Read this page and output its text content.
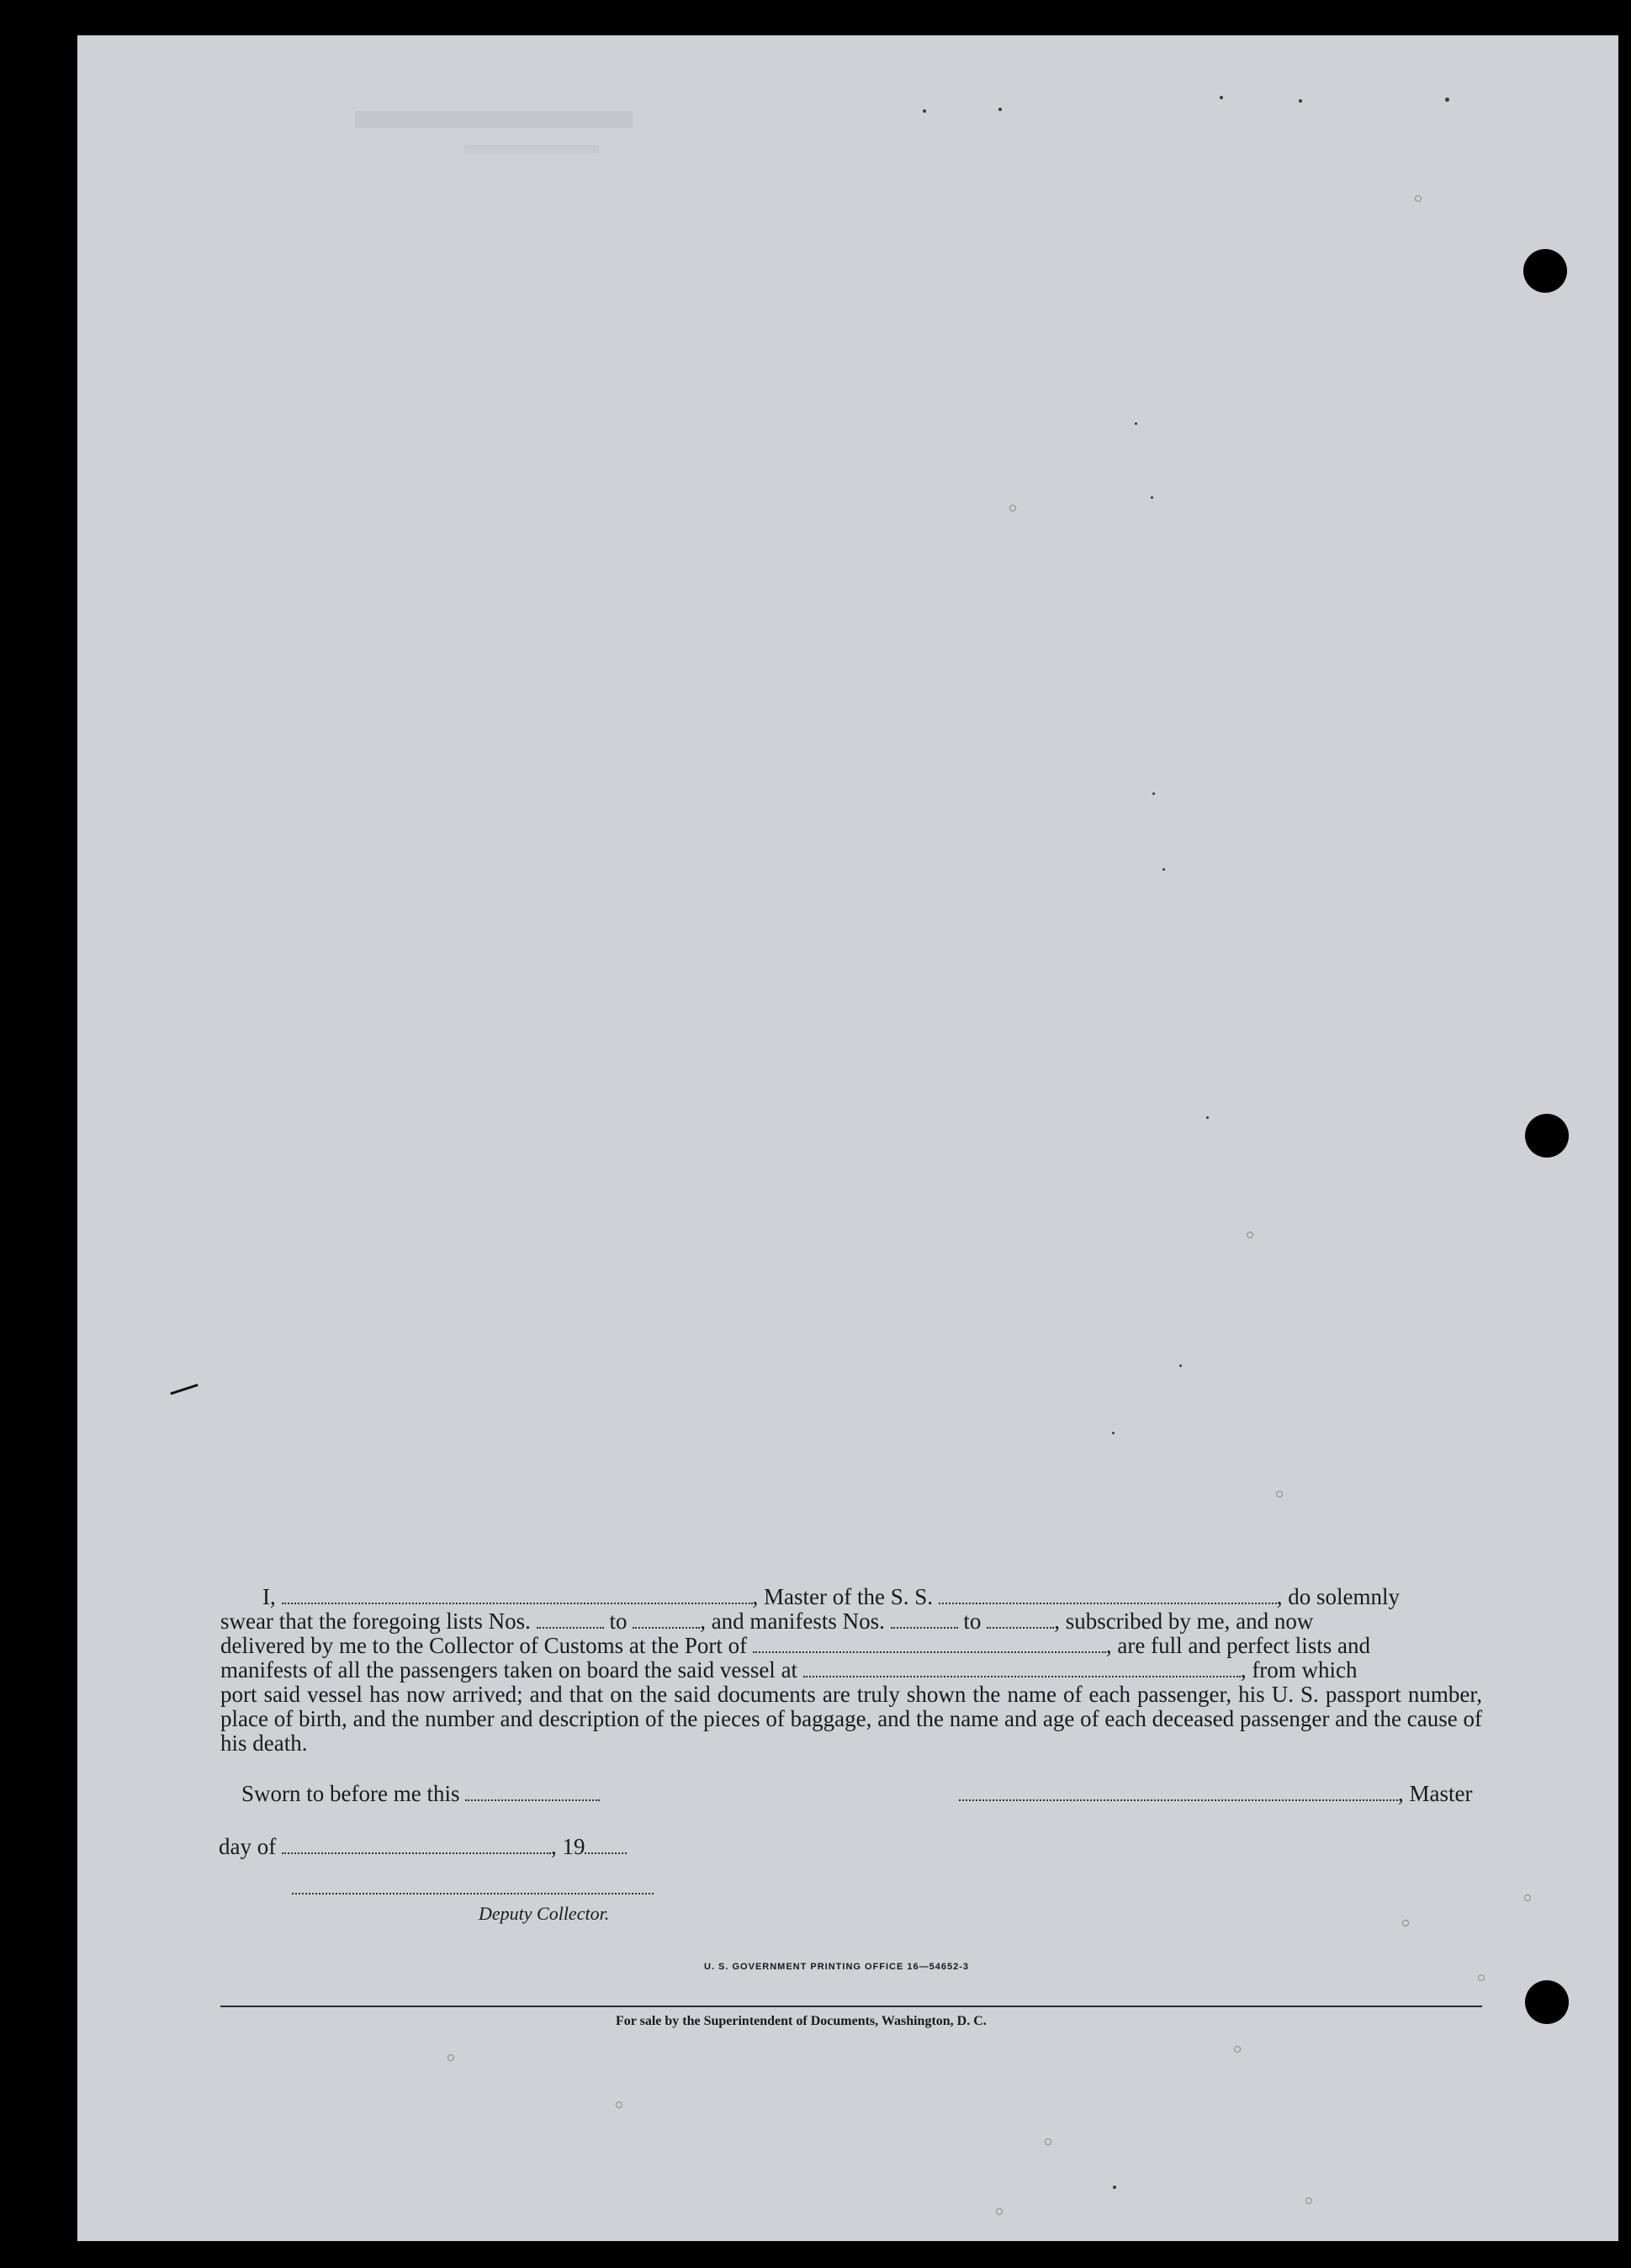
I,	, Master of the S. S.	, do solemnly

swear that the foregoing lists Nos.	to	, and manifests Nos.	to	, subscribed by me, and now
delivered by me to the Collector of Customs at the Port of	, are full and perfect lists and
manifests of all the passengers taken on board the said vessel at	, from which
port said vessel has now arrived; and that on the said documents are truly shown the name of each passenger, his U. S. passport number, place of birth, and the number and description of the pieces of baggage, and the name and age of each deceased passenger and the cause of his death.
Sworn to before me this	, Master
day of	, 19
Deputy Collector.
U. S. GOVERNMENT PRINTING OFFICE 16—54652-3
For sale by the Superintendent of Documents, Washington, D. C.
